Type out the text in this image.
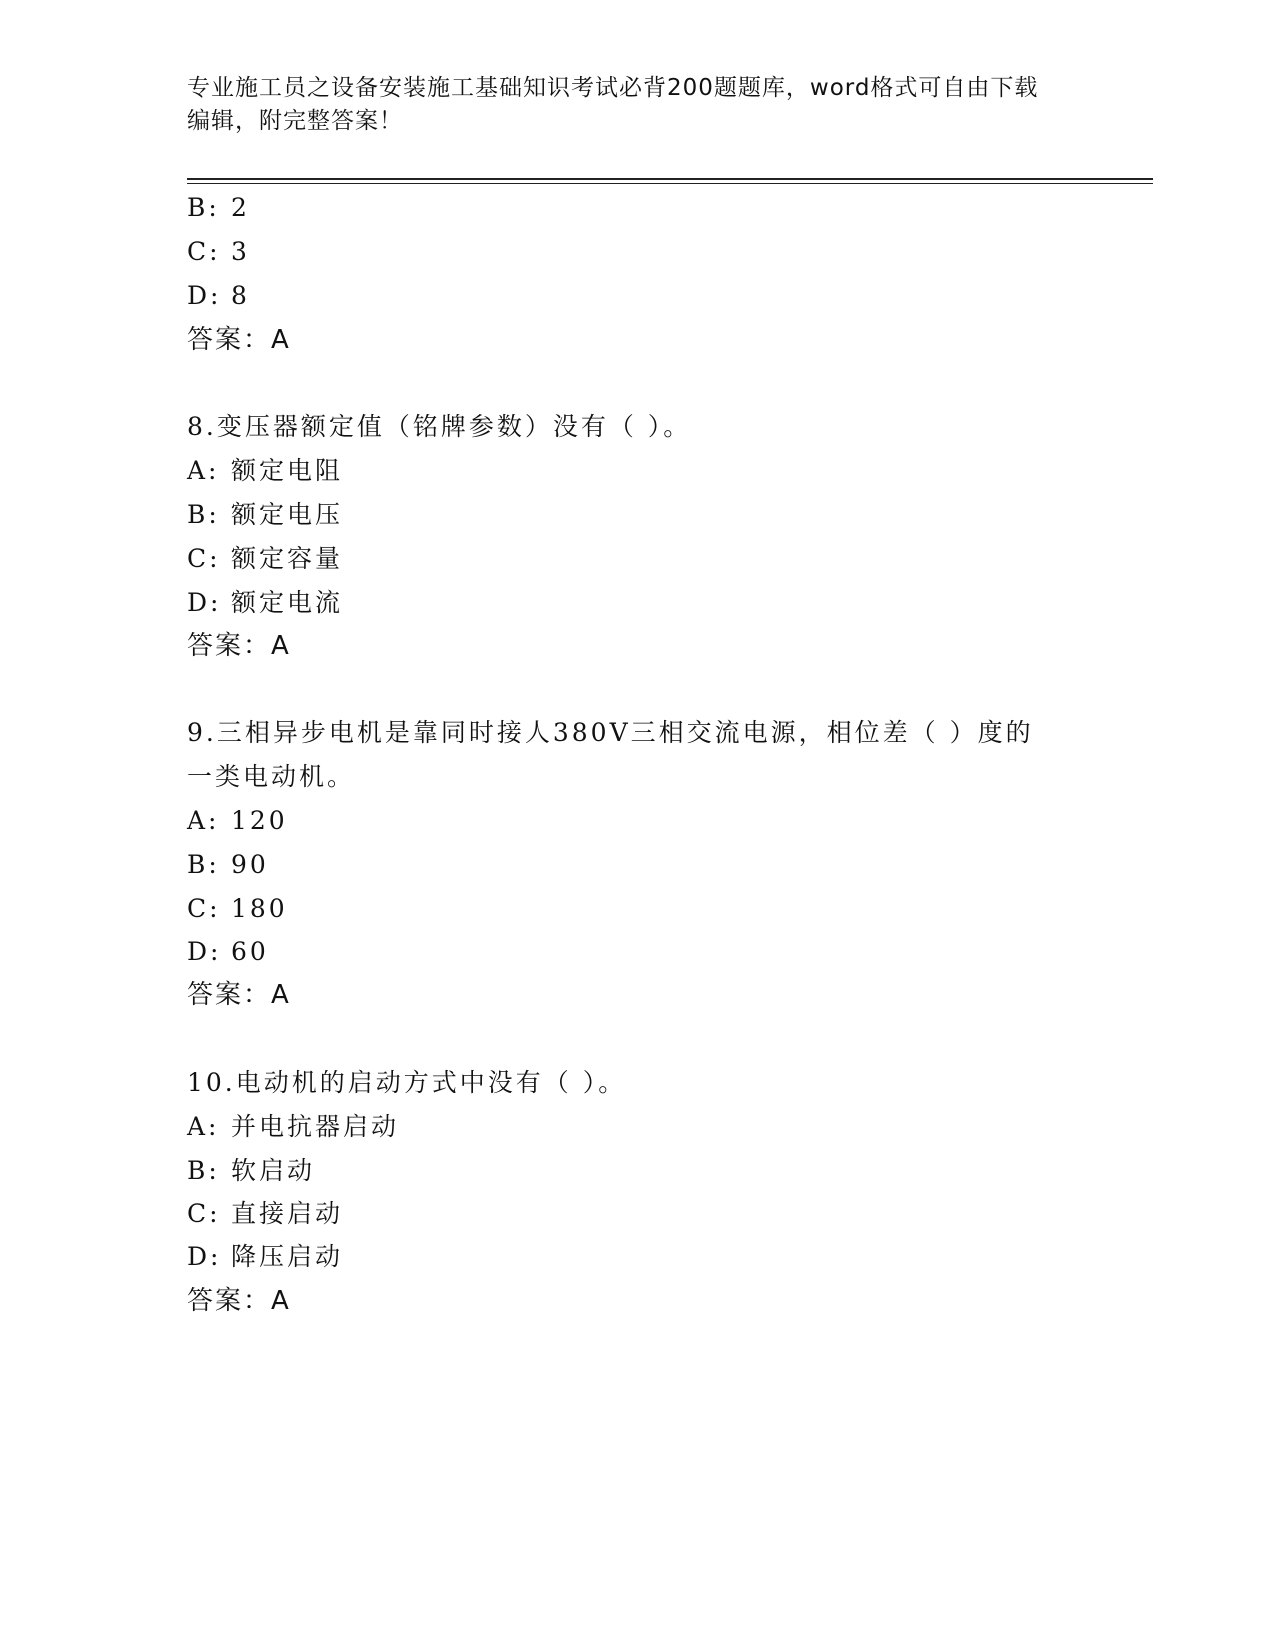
专业施工员之设备安装施工基础知识考试必背200题题库，word格式可自由下载
编辑，附完整答案！
B: 2
C: 3
D: 8
答案：A
8.变压器额定值（铭牌参数）没有（ ）。
A: 额定电阻
B: 额定电压
C: 额定容量
D: 额定电流
答案：A
9.三相异步电机是靠同时接人380V三相交流电源，相位差（ ）度的
一类电动机。
A: 120
B: 90
C: 180
D: 60
答案：A
10.电动机的启动方式中没有（ ）。
A: 并电抗器启动
B: 软启动
C: 直接启动
D: 降压启动
答案：A
